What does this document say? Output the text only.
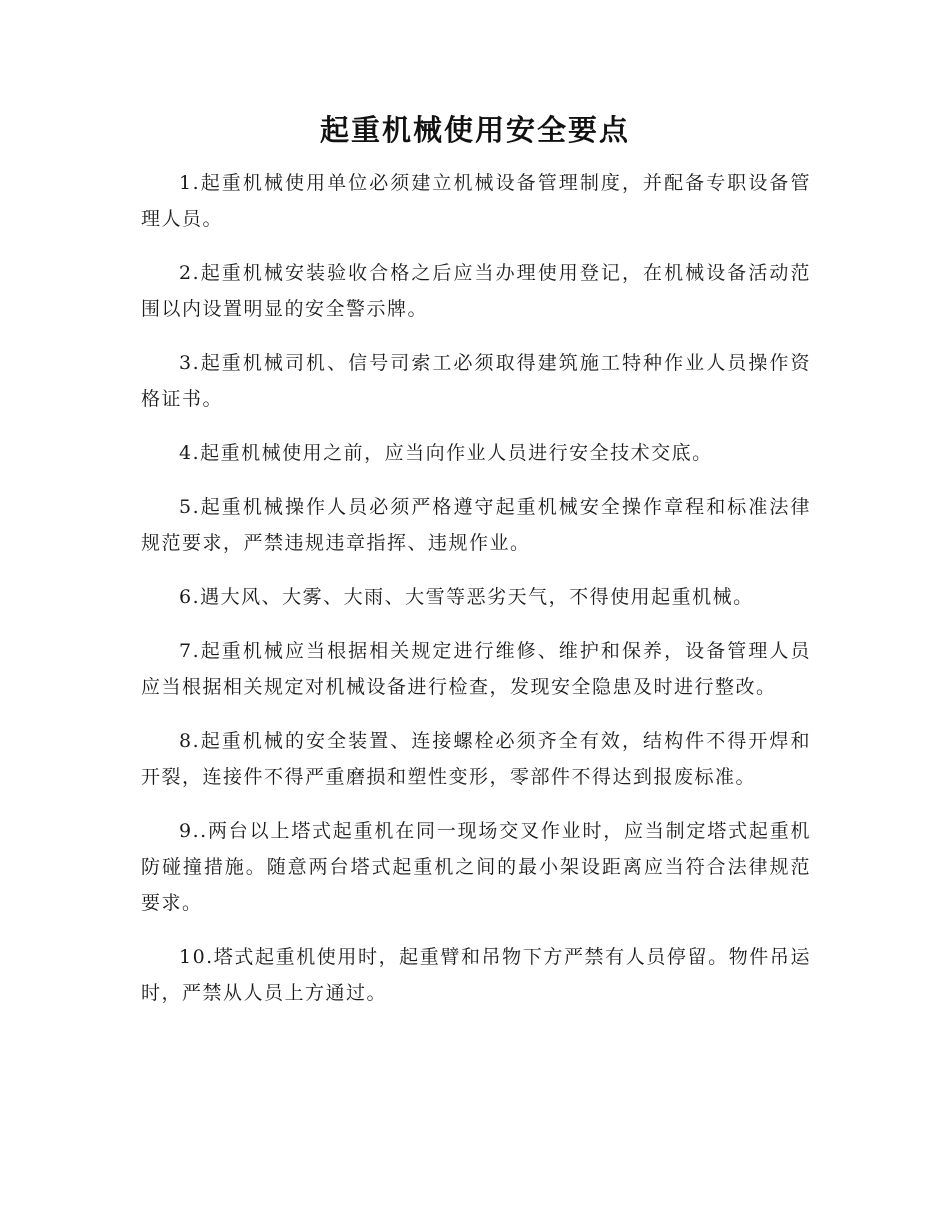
起重机械使用安全要点

1.起重机械使用单位必须建立机械设备管理制度，并配备专职设备管理人员。

2.起重机械安装验收合格之后应当办理使用登记，在机械设备活动范围以内设置明显的安全警示牌。

3.起重机械司机、信号司索工必须取得建筑施工特种作业人员操作资格证书。

4.起重机械使用之前，应当向作业人员进行安全技术交底。

5.起重机械操作人员必须严格遵守起重机械安全操作章程和标准法律规范要求，严禁违规违章指挥、违规作业。

6.遇大风、大雾、大雨、大雪等恶劣天气，不得使用起重机械。

7.起重机械应当根据相关规定进行维修、维护和保养，设备管理人员应当根据相关规定对机械设备进行检查，发现安全隐患及时进行整改。

8.起重机械的安全装置、连接螺栓必须齐全有效，结构件不得开焊和开裂，连接件不得严重磨损和塑性变形，零部件不得达到报废标准。

9..两台以上塔式起重机在同一现场交叉作业时，应当制定塔式起重机防碰撞措施。随意两台塔式起重机之间的最小架设距离应当符合法律规范要求。

10.塔式起重机使用时，起重臂和吊物下方严禁有人员停留。物件吊运时，严禁从人员上方通过。
